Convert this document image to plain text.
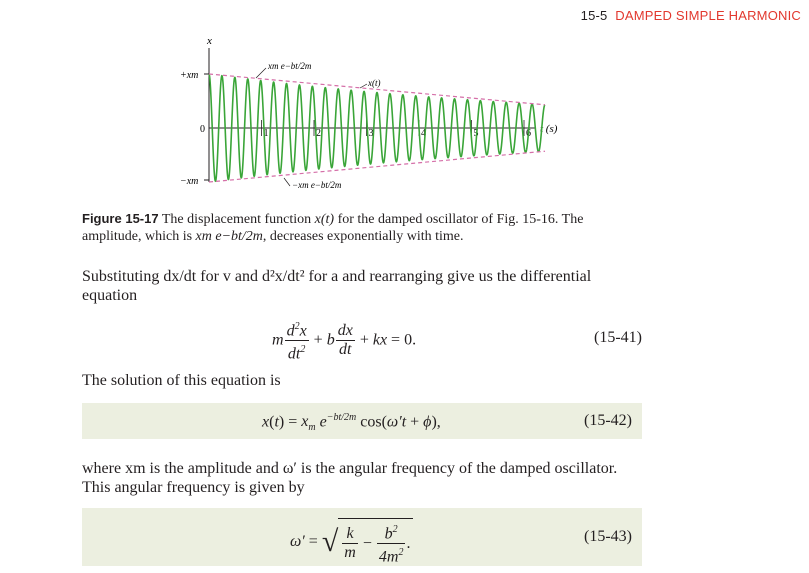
15-5 DAMPED SIMPLE HARMONIC
x
t (s)
+xm
−xm
0	1	2	3	4	5	6
xm e−bt/2m
x(t)
−xm e−bt/2m
Figure 15-17 The displacement function x(t) for the damped oscillator of Fig. 15-16. The amplitude, which is xm e−bt/2m, decreases exponentially with time.
Substituting dx/dt for v and d²x/dt² for a and rearranging give us the differential equation
m $\frac{d^2x}{dt^2} + b \frac{dx}{dt}$ + kx = 0.	(15-41)
The solution of this equation is
$x(t) = x_m$ $e^{-bt/2m}$ cos(ω′t + ϕ),	(15-42)
where xm is the amplitude and ω′ is the angular frequency of the damped oscillator. This angular frequency is given by
ω′ = √ $\frac{k}{m} - \frac{b^2}{4m^2}$ .	(15-43)
